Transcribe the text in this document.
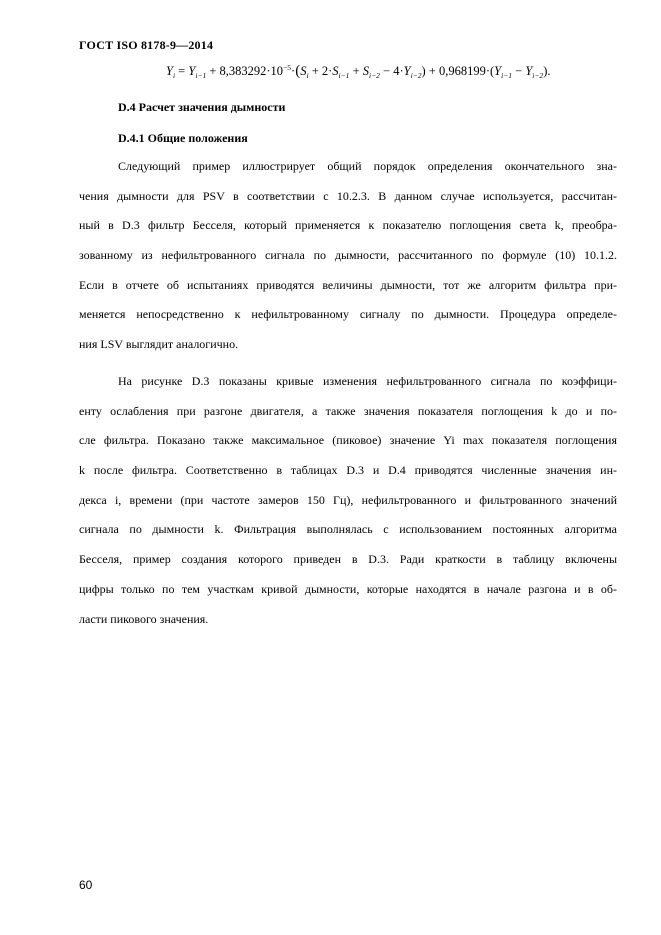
ГОСТ ISO 8178-9—2014
$Y_i = Y_{i-1} + 8,383292\cdot 10^{-5}\cdot(S_i + 2\cdot S_{i-1} + S_{i-2} - 4\cdot Y_{i-2}) + 0,968199\cdot(Y_{i-1} - Y_{i-2})$.
D.4 Расчет значения дымности
D.4.1 Общие положения
Следующий пример иллюстрирует общий порядок определения окончательного зна-
чения дымности для PSV в соответствии с 10.2.3. В данном случае используется, рассчитан-
ный в D.3 фильтр Бесселя, который применяется к показателю поглощения света k, преобра-
зованному из нефильтрованного сигнала по дымности, рассчитанного по формуле (10) 10.1.2.
Если в отчете об испытаниях приводятся величины дымности, тот же алгоритм фильтра при-
меняется непосредственно к нефильтрованному сигналу по дымности. Процедура определе-
ния LSV выглядит аналогично.
На рисунке D.3 показаны кривые изменения нефильтрованного сигнала по коэффици-
енту ослабления при разгоне двигателя, а также значения показателя поглощения k до и по-
сле фильтра. Показано также максимальное (пиковое) значение Yi max показателя поглощения
k после фильтра. Соответственно в таблицах D.3 и D.4 приводятся численные значения ин-
декса i, времени (при частоте замеров 150 Гц), нефильтрованного и фильтрованного значений
сигнала по дымности k. Фильтрация выполнялась с использованием постоянных алгоритма
Бесселя, пример создания которого приведен в D.3. Ради краткости в таблицу включены
цифры только по тем участкам кривой дымности, которые находятся в начале разгона и в об-
ласти пикового значения.
60
